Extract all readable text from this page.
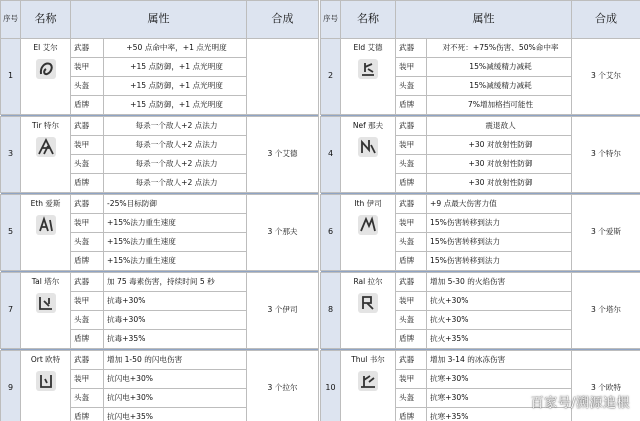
序号	名称	属性		合成
1	El 艾尔	武器	+50 点命中率，+1 点光明度	
		装甲	+15 点防御，+1 点光明度	
		头盔	+15 点防御，+1 点光明度	
		盾牌	+15 点防御，+1 点光明度	

3	Tir 特尔	武器	每杀一个敌人+2 点法力	3 个艾德
		装甲	每杀一个敌人+2 点法力	
		头盔	每杀一个敌人+2 点法力	
		盾牌	每杀一个敌人+2 点法力	

5	Eth 爱斯	武器	-25%目标防御	3 个那夫
		装甲	+15%法力重生速度	
		头盔	+15%法力重生速度	
		盾牌	+15%法力重生速度	

7	Tal 塔尔	武器	加 75 毒素伤害，持续时间 5 秒	3 个伊司
		装甲	抗毒+30%	
		头盔	抗毒+30%	
		盾牌	抗毒+35%	

9	Ort 欧特	武器	增加 1-50 的闪电伤害	3 个拉尔
		装甲	抗闪电+30%	
		头盔	抗闪电+30%	
		盾牌	抗闪电+35%	
序号	名称	属性		合成
2	Eld 艾德	武器	对不死：+75%伤害、50%命中率	3 个艾尔
		装甲	15%减缓精力减耗	
		头盔	15%减缓精力减耗	
		盾牌	7%增加格挡可能性	

4	Nef 那夫	武器	震退敌人	3 个特尔
		装甲	+30 对放射性防御	
		头盔	+30 对放射性防御	
		盾牌	+30 对放射性防御	

6	Ith 伊司	武器	+9 点最大伤害力值	3 个爱斯
		装甲	15%伤害转移到法力	
		头盔	15%伤害转移到法力	
		盾牌	15%伤害转移到法力	

8	Ral 拉尔	武器	增加 5-30 的火焰伤害	3 个塔尔
		装甲	抗火+30%	
		头盔	抗火+30%	
		盾牌	抗火+35%	

10	Thul 书尔	武器	增加 3-14 的冰冻伤害	3 个欧特
		装甲	抗寒+30%	
		头盔	抗寒+30%	
		盾牌	抗寒+35%	
百家号/溯源追根
